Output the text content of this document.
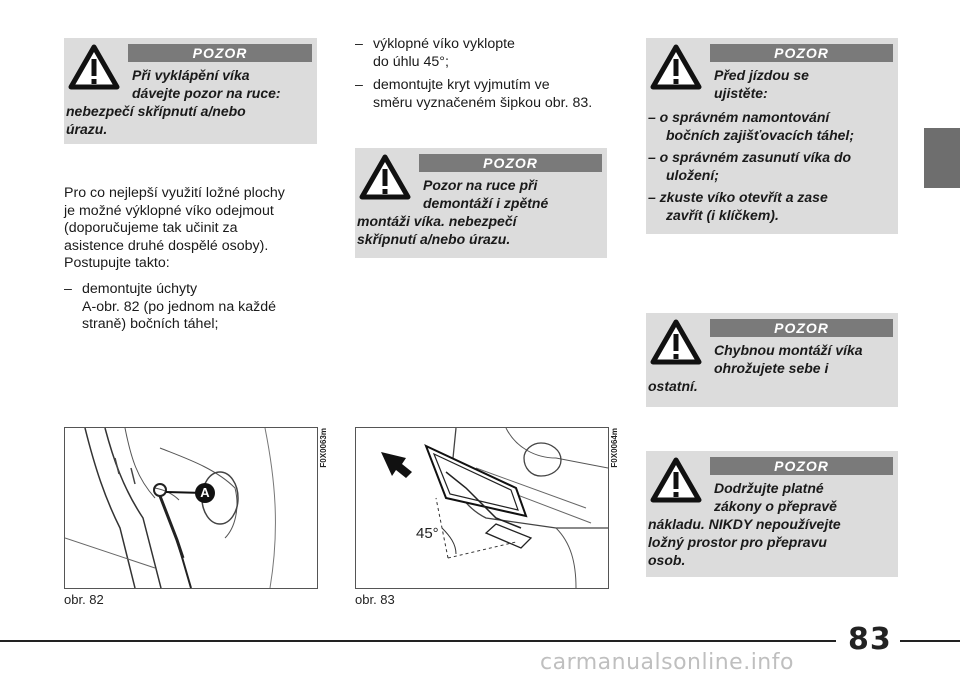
POZOR
Při vyklápění víka
dávejte pozor na ruce:
nebezpečí skřípnutí a/nebo
úrazu.
Pro co nejlepší využití ložné plochy
je možné výklopné víko odejmout
(doporučujeme tak učinit za
asistence druhé dospělé osoby).
Postupujte takto:
– demontujte úchyty
A-obr. 82 (po jednom na každé
straně) bočních táhel;
– výklopné víko vyklopte
do úhlu 45°;
– demontujte kryt vyjmutím ve
směru vyznačeném šipkou obr. 83.
POZOR
Pozor na ruce při
demontáží i zpětné
montáži víka. nebezpečí
skřípnutí a/nebo úrazu.
POZOR
Před jízdou se
ujistěte:
– o správném namontování
bočních zajišťovacích táhel;
– o správném zasunutí víka do
uložení;
– zkuste víko otevřít a zase
zavřít (i klíčkem).
POZOR
Chybnou montáží víka
ohrožujete sebe i
ostatní.
POZOR
Dodržujte platné
zákony o přepravě
nákladu. NIKDY nepoužívejte
ložný prostor pro přepravu
osob.
A
F0X0063m
obr. 82
45°
F0X0064m
obr. 83
83
carmanualsonline.info
